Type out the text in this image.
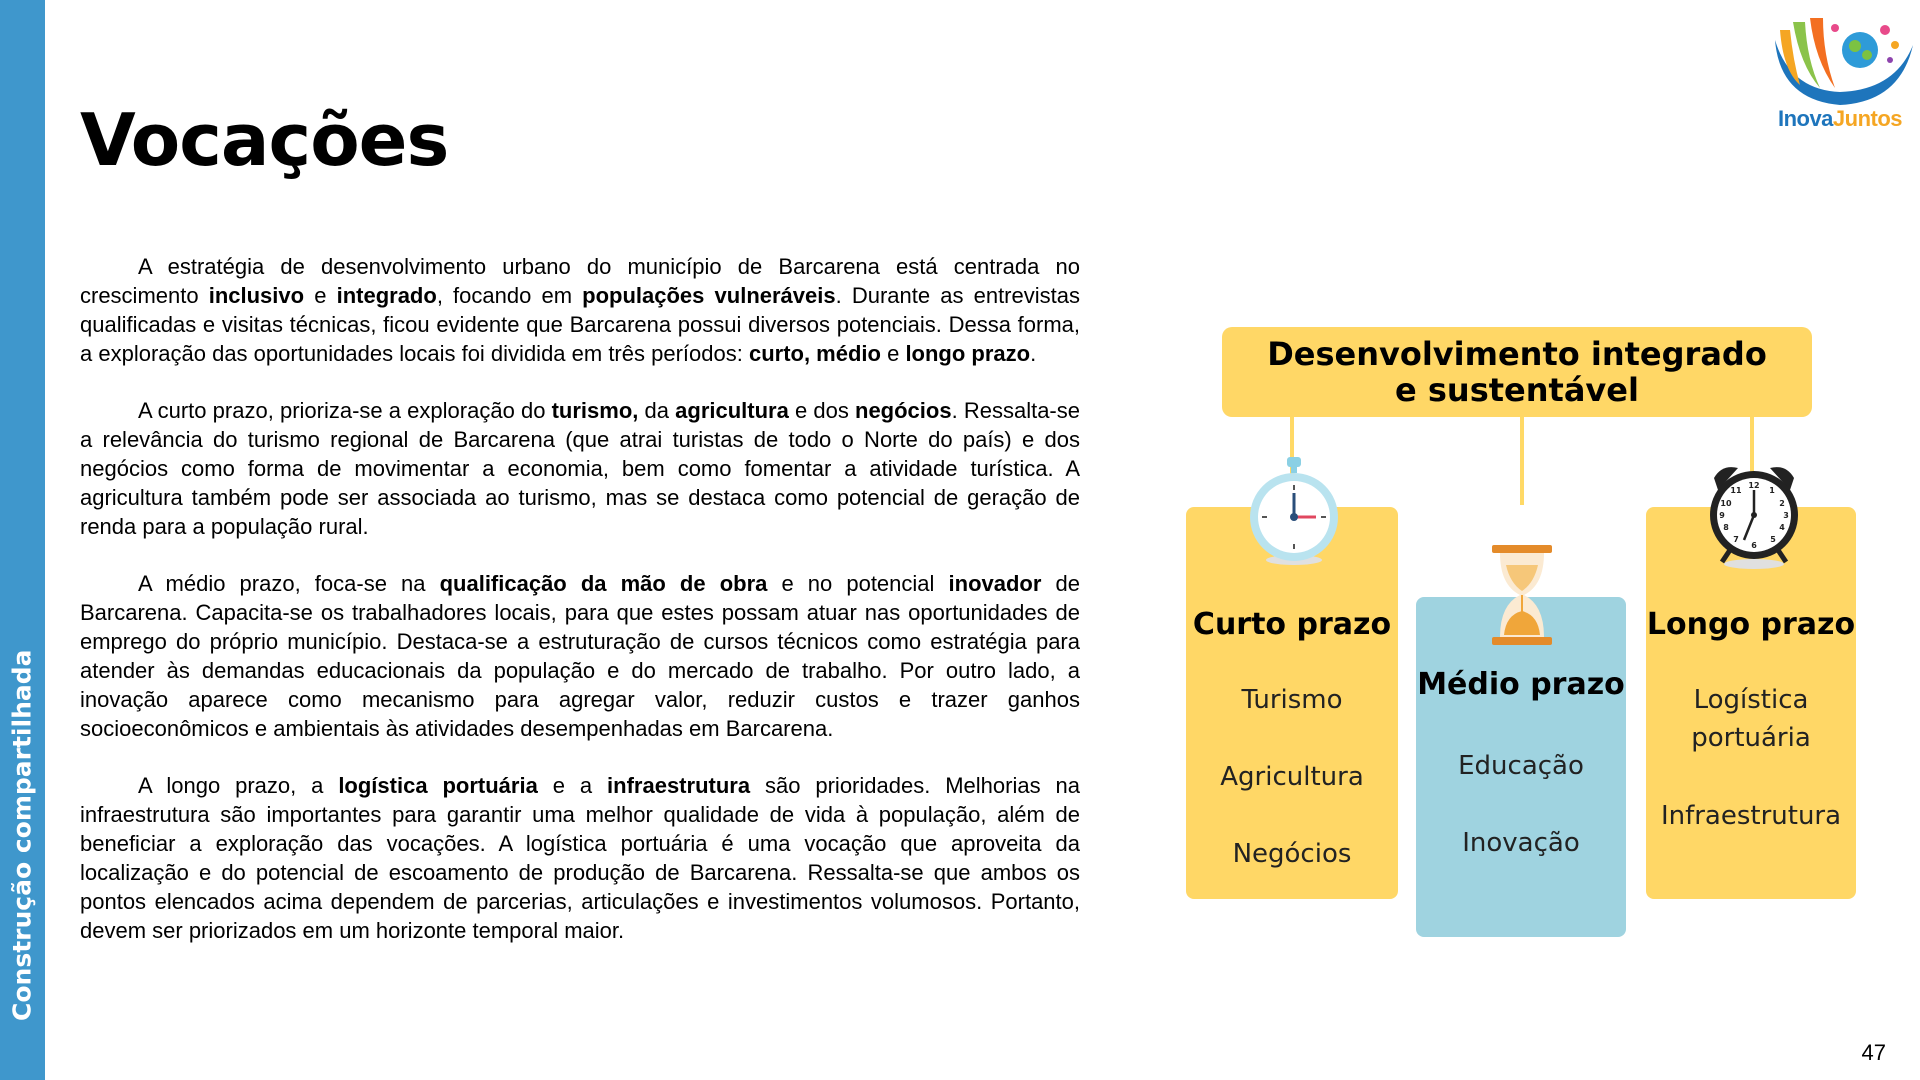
Construção compartilhada
Vocações	InovaJuntos

A estratégia de desenvolvimento urbano do município de Barcarena está centrada no crescimento inclusivo e integrado, focando em populações vulneráveis. Durante as entrevistas qualificadas e visitas técnicas, ficou evidente que Barcarena possui diversos potenciais. Dessa forma, a exploração das oportunidades locais foi dividida em três períodos: curto, médio e longo prazo.

A curto prazo, prioriza-se a exploração do turismo, da agricultura e dos negócios. Ressalta-se a relevância do turismo regional de Barcarena (que atrai turistas de todo o Norte do país) e dos negócios como forma de movimentar a economia, bem como fomentar a atividade turística. A agricultura também pode ser associada ao turismo, mas se destaca como potencial de geração de renda para a população rural.

A médio prazo, foca-se na qualificação da mão de obra e no potencial inovador de Barcarena. Capacita-se os trabalhadores locais, para que estes possam atuar nas oportunidades de emprego do próprio município. Destaca-se a estruturação de cursos técnicos como estratégia para atender às demandas educacionais da população e do mercado de trabalho. Por outro lado, a inovação aparece como mecanismo para agregar valor, reduzir custos e trazer ganhos socioeconômicos e ambientais às atividades desempenhadas em Barcarena.

A longo prazo, a logística portuária e a infraestrutura são prioridades. Melhorias na infraestrutura são importantes para garantir uma melhor qualidade de vida à população, além de beneficiar a exploração das vocações. A logística portuária é uma vocação que aproveita da localização e do potencial de escoamento de produção de Barcarena. Ressalta-se que ambos os pontos elencados acima dependem de parcerias, articulações e investimentos volumosos. Portanto, devem ser priorizados em um horizonte temporal maior.

Desenvolvimento integrado e sustentável
Curto prazo
Turismo
Agricultura
Negócios
Médio prazo
Educação
Inovação
Longo prazo
Logística portuária
Infraestrutura
12
1
2
3
4
5
6
7
8
9
10
11
47
